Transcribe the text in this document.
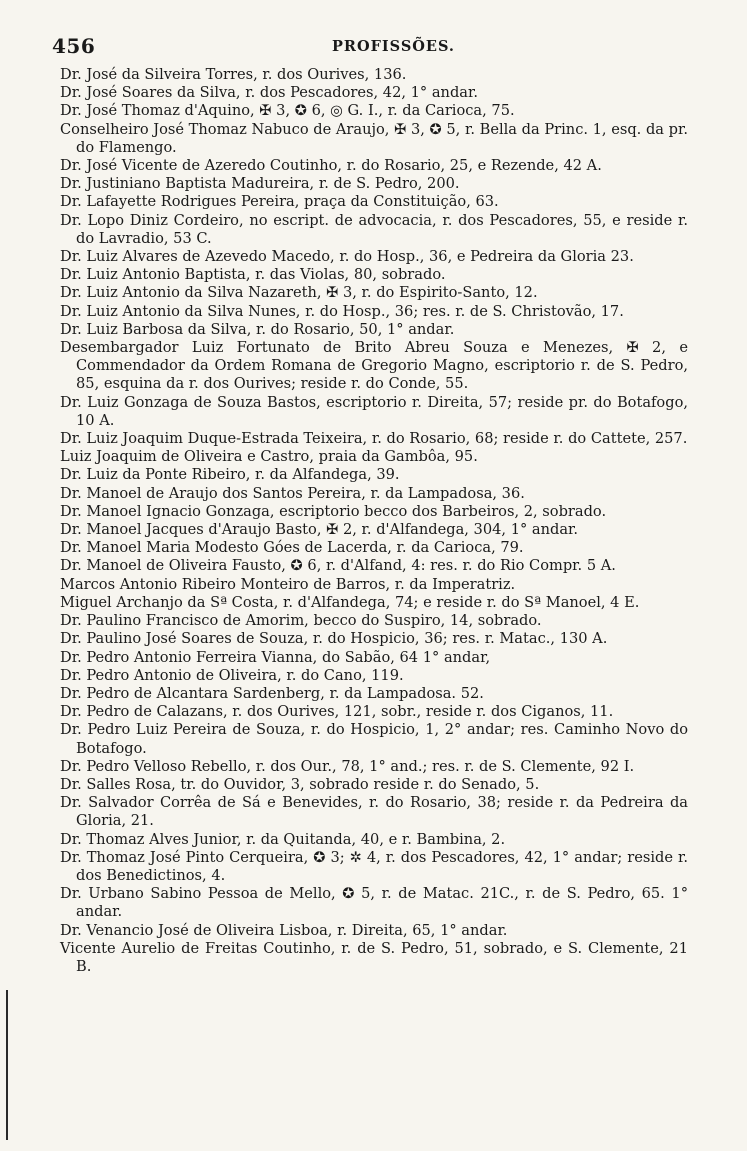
456	PROFISSÕES.

Dr. José da Silveira Torres, r. dos Ourives, 136.

Dr. José Soares da Silva, r. dos Pescadores, 42, 1° andar.

Dr. José Thomaz d'Aquino, ✠ 3, ✪ 6, ◎ G. I., r. da Carioca, 75.

Conselheiro José Thomaz Nabuco de Araujo, ✠ 3, ✪ 5, r. Bella da Princ. 1, esq. da pr. do Flamengo.

Dr. José Vicente de Azeredo Coutinho, r. do Rosario, 25, e Rezende, 42 A.

Dr. Justiniano Baptista Madureira, r. de S. Pedro, 200.

Dr. Lafayette Rodrigues Pereira, praça da Constituição, 63.

Dr. Lopo Diniz Cordeiro, no escript. de advocacia, r. dos Pescadores, 55, e reside r. do Lavradio, 53 C.

Dr. Luiz Alvares de Azevedo Macedo, r. do Hosp., 36, e Pedreira da Gloria 23.

Dr. Luiz Antonio Baptista, r. das Violas, 80, sobrado.

Dr. Luiz Antonio da Silva Nazareth, ✠ 3, r. do Espirito-Santo, 12.

Dr. Luiz Antonio da Silva Nunes, r. do Hosp., 36; res. r. de S. Christovão, 17.

Dr. Luiz Barbosa da Silva, r. do Rosario, 50, 1° andar.

Desembargador Luiz Fortunato de Brito Abreu Souza e Menezes, ✠ 2, e Commendador da Ordem Romana de Gregorio Magno, escriptorio r. de S. Pedro, 85, esquina da r. dos Ourives; reside r. do Conde, 55.

Dr. Luiz Gonzaga de Souza Bastos, escriptorio r. Direita, 57; reside pr. do Botafogo, 10 A.

Dr. Luiz Joaquim Duque-Estrada Teixeira, r. do Rosario, 68; reside r. do Cattete, 257.

Luiz Joaquim de Oliveira e Castro, praia da Gambôa, 95.

Dr. Luiz da Ponte Ribeiro, r. da Alfandega, 39.

Dr. Manoel de Araujo dos Santos Pereira, r. da Lampadosa, 36.

Dr. Manoel Ignacio Gonzaga, escriptorio becco dos Barbeiros, 2, sobrado.

Dr. Manoel Jacques d'Araujo Basto, ✠ 2, r. d'Alfandega, 304, 1° andar.

Dr. Manoel Maria Modesto Góes de Lacerda, r. da Carioca, 79.

Dr. Manoel de Oliveira Fausto, ✪ 6, r. d'Alfand, 4: res. r. do Rio Compr. 5 A.

Marcos Antonio Ribeiro Monteiro de Barros, r. da Imperatriz.

Miguel Archanjo da Sª Costa, r. d'Alfandega, 74; e reside r. do Sª Manoel, 4 E.

Dr. Paulino Francisco de Amorim, becco do Suspiro, 14, sobrado.

Dr. Paulino José Soares de Souza, r. do Hospicio, 36; res. r. Matac., 130 A.

Dr. Pedro Antonio Ferreira Vianna, do Sabão, 64 1° andar,

Dr. Pedro Antonio de Oliveira, r. do Cano, 119.

Dr. Pedro de Alcantara Sardenberg, r. da Lampadosa. 52.

Dr. Pedro de Calazans, r. dos Ourives, 121, sobr., reside r. dos Ciganos, 11.

Dr. Pedro Luiz Pereira de Souza, r. do Hospicio, 1, 2° andar; res. Caminho Novo do Botafogo.

Dr. Pedro Velloso Rebello, r. dos Our., 78, 1° and.; res. r. de S. Clemente, 92 I.

Dr. Salles Rosa, tr. do Ouvidor, 3, sobrado reside r. do Senado, 5.

Dr. Salvador Corrêa de Sá e Benevides, r. do Rosario, 38; reside r. da Pedreira da Gloria, 21.

Dr. Thomaz Alves Junior, r. da Quitanda, 40, e r. Bambina, 2.

Dr. Thomaz José Pinto Cerqueira, ✪ 3; ✲ 4, r. dos Pescadores, 42, 1° andar; reside r. dos Benedictinos, 4.

Dr. Urbano Sabino Pessoa de Mello, ✪ 5, r. de Matac. 21C., r. de S. Pedro, 65. 1° andar.

Dr. Venancio José de Oliveira Lisboa, r. Direita, 65, 1° andar.

Vicente Aurelio de Freitas Coutinho, r. de S. Pedro, 51, sobrado, e S. Clemente, 21 B.
